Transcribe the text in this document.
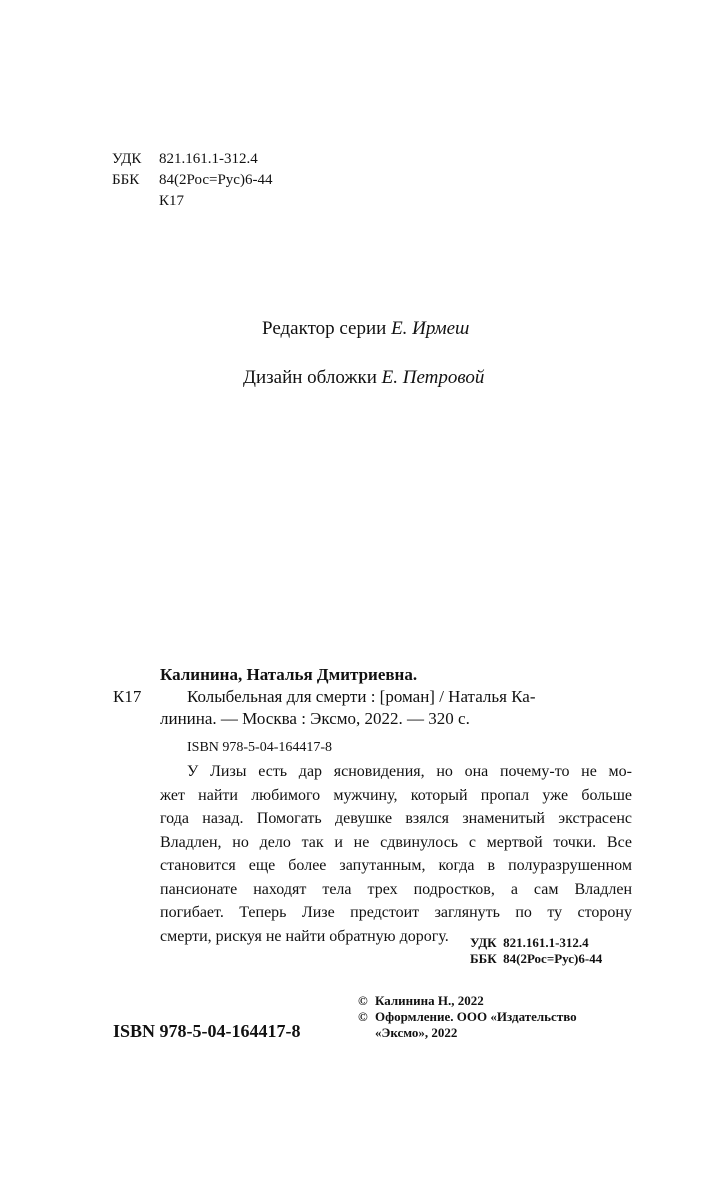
УДК 821.161.1-312.4
ББК 84(2Рос=Рус)6-44
К17
Редактор серии Е. Ирмеш
Дизайн обложки Е. Петровой
Калинина, Наталья Дмитриевна.
К17	Колыбельная для смерти : [роман] / Наталья Ка-
линина. — Москва : Эксмо, 2022. — 320 с.
ISBN 978-5-04-164417-8
У Лизы есть дар ясновидения, но она почему-то не мо-
жет найти любимого мужчину, который пропал уже больше
года назад. Помогать девушке взялся знаменитый экстрасенс
Владлен, но дело так и не сдвинулось с мертвой точки. Все
становится еще более запутанным, когда в полуразрушенном
пансионате находят тела трех подростков, а сам Владлен
погибает. Теперь Лизе предстоит заглянуть по ту сторону
смерти, рискуя не найти обратную дорогу.	УДК  821.161.1-312.4
ББК  84(2Рос=Рус)6-44
ISBN 978-5-04-164417-8
© Калинина Н., 2022
© Оформление. ООО «Издательство
«Эксмо», 2022
